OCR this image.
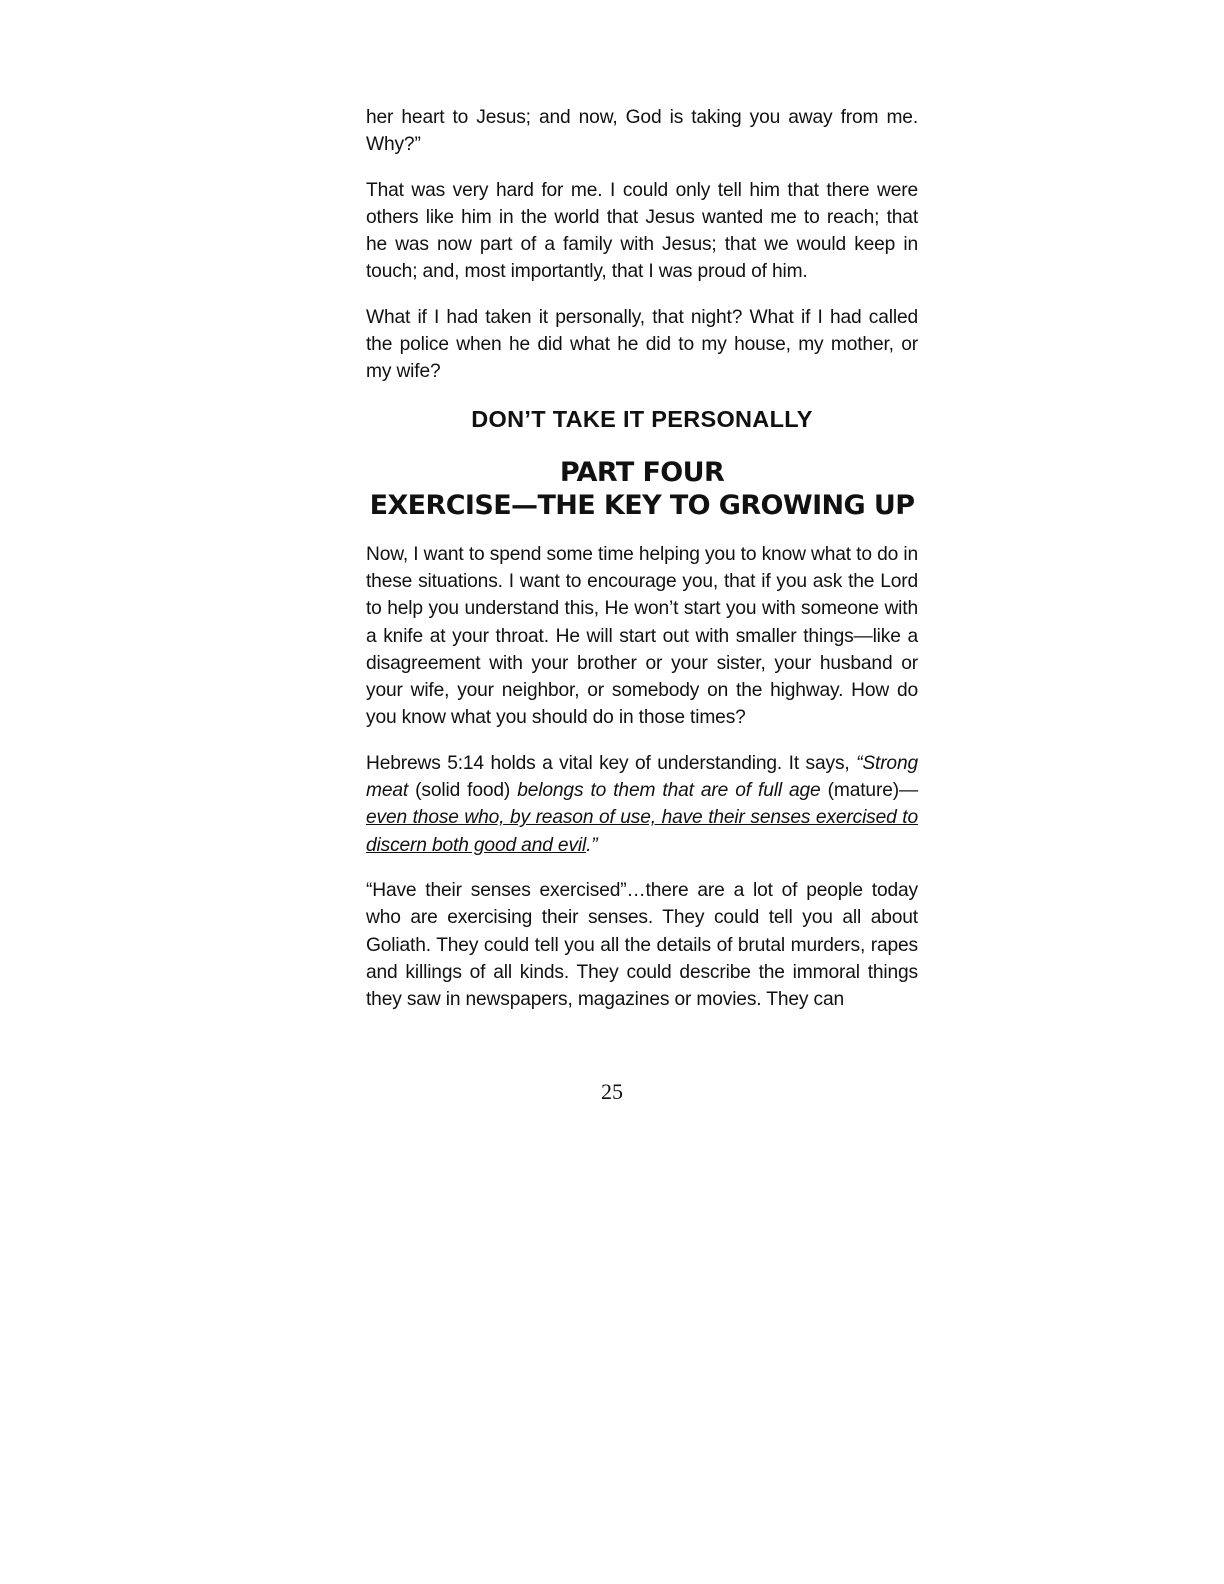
her heart to Jesus; and now, God is taking you away from me. Why?”

That was very hard for me. I could only tell him that there were others like him in the world that Jesus wanted me to reach; that he was now part of a family with Jesus; that we would keep in touch; and, most importantly, that I was proud of him.

What if I had taken it personally, that night? What if I had called the police when he did what he did to my house, my mother, or my wife?

DON’T TAKE IT PERSONALLY
PART FOUR
EXERCISE—THE KEY TO GROWING UP

Now, I want to spend some time helping you to know what to do in these situations. I want to encourage you, that if you ask the Lord to help you understand this, He won’t start you with someone with a knife at your throat. He will start out with smaller things—like a disagreement with your brother or your sister, your husband or your wife, your neighbor, or somebody on the highway. How do you know what you should do in those times?

Hebrews 5:14 holds a vital key of understanding. It says, “Strong meat (solid food) belongs to them that are of full age (mature)—even those who, by reason of use, have their senses exercised to discern both good and evil.”

“Have their senses exercised”…there are a lot of people today who are exercising their senses. They could tell you all about Goliath. They could tell you all the details of brutal murders, rapes and killings of all kinds. They could describe the immoral things they saw in newspapers, magazines or movies. They can

25
